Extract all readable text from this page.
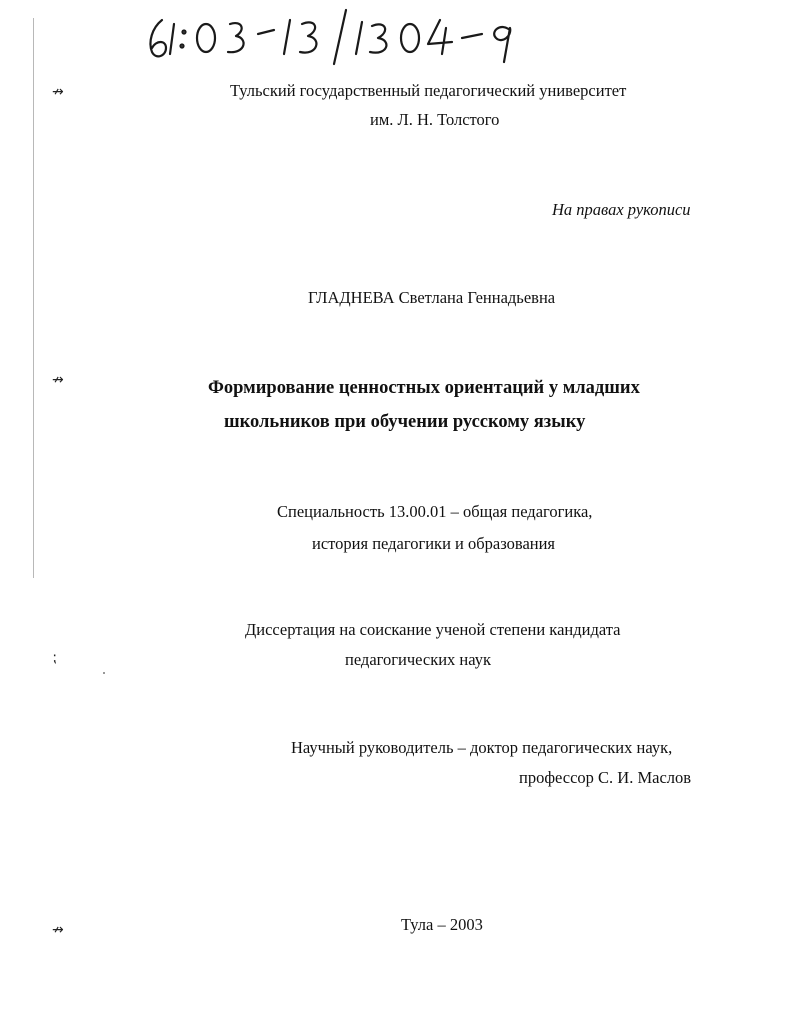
↛
↛
⁏
↛
Тульский государственный педагогический университет
им. Л. Н. Толстого
На правах рукописи
ГЛАДНЕВА Светлана Геннадьевна
Формирование ценностных ориентаций у младших
школьников при обучении русскому языку
Специальность 13.00.01 – общая педагогика,
история педагогики и образования
Диссертация на соискание ученой степени кандидата
педагогических наук
Научный руководитель – доктор педагогических наук,
профессор С. И. Маслов
Тула – 2003
